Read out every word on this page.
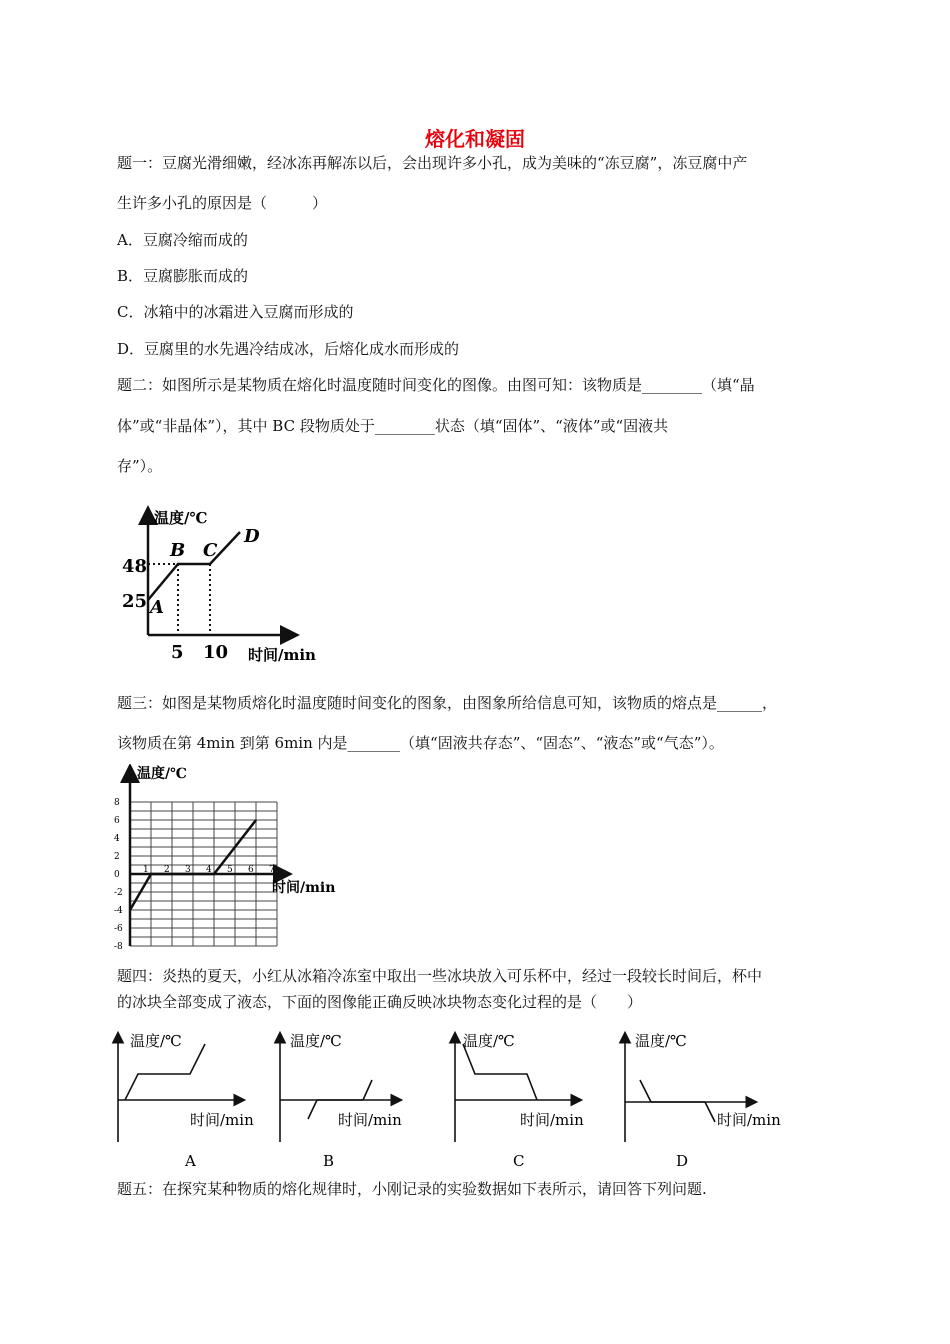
熔化和凝固
题一：豆腐光滑细嫩，经冰冻再解冻以后，会出现许多小孔，成为美味的“冻豆腐”，冻豆腐中产
生许多小孔的原因是（　　　）
A．豆腐冷缩而成的
B．豆腐膨胀而成的
C．冰箱中的冰霜进入豆腐而形成的
D．豆腐里的水先遇冷结成冰，后熔化成水而形成的
题二：如图所示是某物质在熔化时温度随时间变化的图像。由图可知：该物质是________（填“晶
体”或“非晶体”），其中 BC 段物质处于________状态（填“固体”、“液体”或“固液共
存”）。
温度/℃
时间/min
48
25
5 10
A
B C
D
题三：如图是某物质熔化时温度随时间变化的图象，由图象所给信息可知，该物质的熔点是______，
该物质在第 4min 到第 6min 内是_______（填“固液共存态”、“固态”、“液态”或“气态”）。
温度/℃
时间/min
8
6
4
2
0
-2
-4
-6
-8
1 2 3 4 5 6 7
题四：炎热的夏天，小红从冰箱冷冻室中取出一些冰块放入可乐杯中，经过一段较长时间后，杯中
的冰块全部变成了液态，下面的图像能正确反映冰块物态变化过程的是（　　）
温度/℃
时间/min
A
温度/℃
时间/min
B
温度/℃
时间/min
C
温度/℃
时间/min
D
题五：在探究某种物质的熔化规律时，小刚记录的实验数据如下表所示，请回答下列问题.
